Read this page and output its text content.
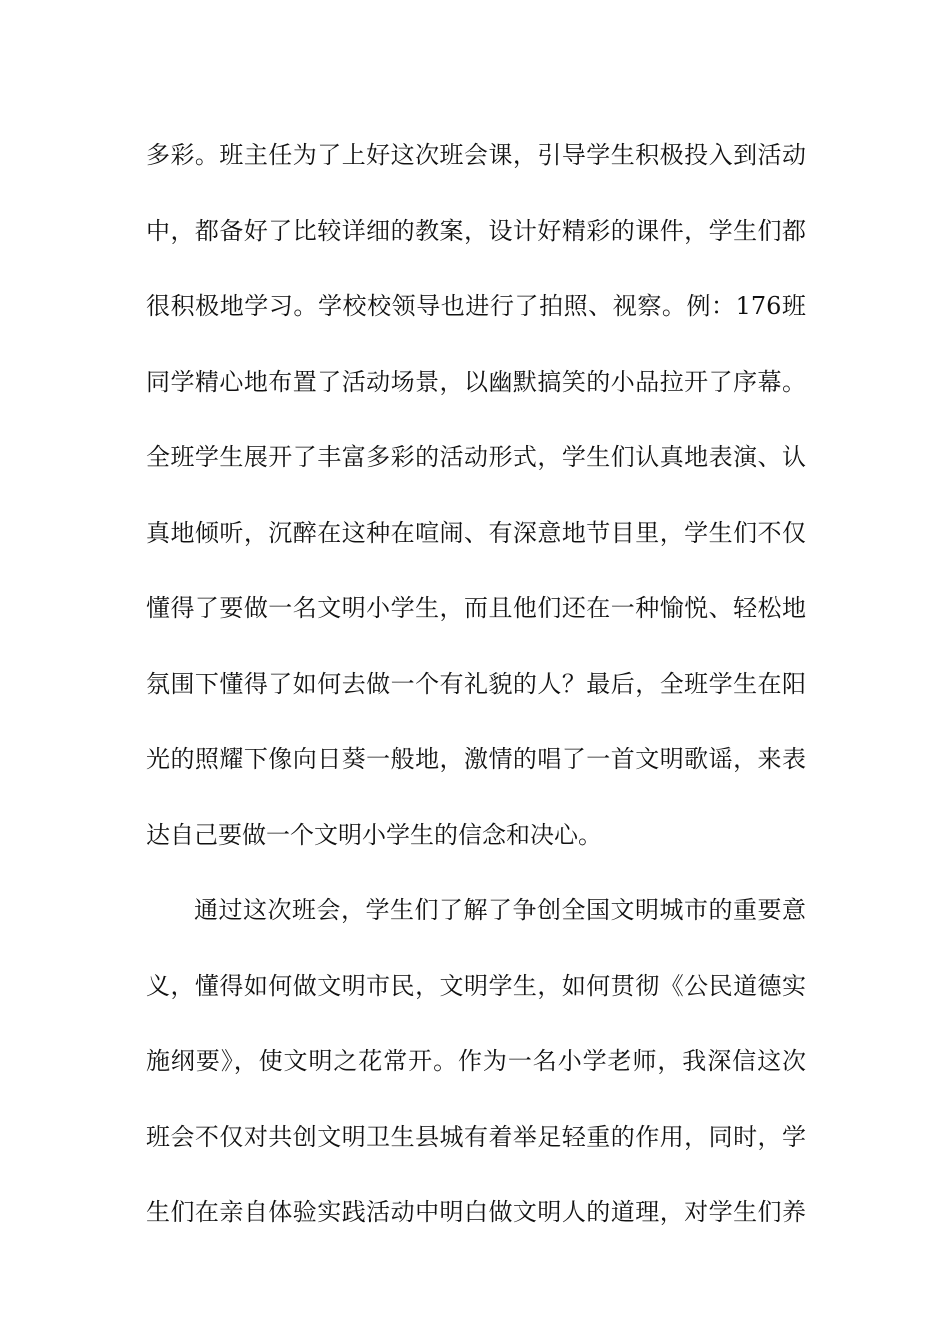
多彩。班主任为了上好这次班会课，引导学生积极投入到活动
中，都备好了比较详细的教案，设计好精彩的课件，学生们都
很积极地学习。学校校领导也进行了拍照、视察。例：176班
同学精心地布置了活动场景，以幽默搞笑的小品拉开了序幕。
全班学生展开了丰富多彩的活动形式，学生们认真地表演、认
真地倾听，沉醉在这种在喧闹、有深意地节目里，学生们不仅
懂得了要做一名文明小学生，而且他们还在一种愉悦、轻松地
氛围下懂得了如何去做一个有礼貌的人？最后，全班学生在阳
光的照耀下像向日葵一般地，激情的唱了一首文明歌谣，来表
达自己要做一个文明小学生的信念和决心。
通过这次班会，学生们了解了争创全国文明城市的重要意
义，懂得如何做文明市民，文明学生，如何贯彻《公民道德实
施纲要》，使文明之花常开。作为一名小学老师，我深信这次
班会不仅对共创文明卫生县城有着举足轻重的作用，同时，学
生们在亲自体验实践活动中明白做文明人的道理，对学生们养
